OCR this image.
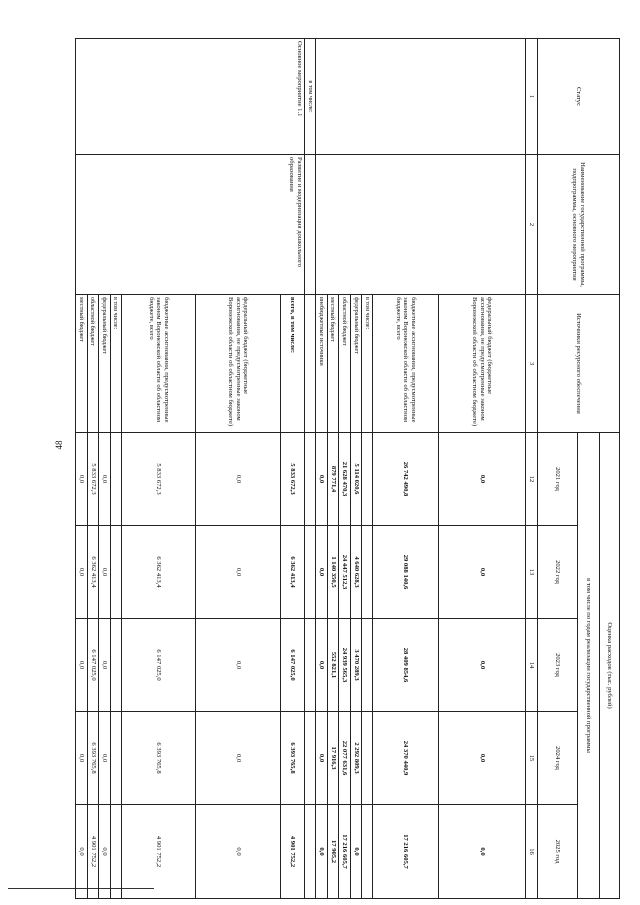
48
Статус	Наименование государственной программы, подпрограммы, основного мероприятия	Источники ресурсного обеспечения	Оценка расходов (тыс. рублей)				
			в том числе по годам реализации государственной программы				
			2021 год	2022 год	2023 год	2024 год	2025 год
1	2	3	12	13	14	15	16
		федеральный бюджет (бюджетные ассигнования, не предусмотренные законом Воронежской области об областном бюджете)	0,0	0,0	0,0	0,0	0,0
		бюджетные ассигнования, предусмотренные законом Воронежской области об областном бюджете, всего	26 742 490,8	29 088 140,6	28 409 854,6	24 370 440,9	17 216 605,7
		в том числе:					
		федеральный бюджет	5 114 020,6	4 640 628,3	3 470 289,3	2 292 809,3	0,0
		областной бюджет	21 628 470,3	24 447 512,3	24 939 565,3	22 077 631,6	17 216 605,7
		местный бюджет	879 771,4	1 140 350,5	552 821,1	17 916,3	17 905,2
		внебюджетные источники	0,0	0,0	0,0	0,0	0,0
в том числе:							
Основное мероприятие 1.1	Развитие и модернизация дошкольного образования	всего, в том числе:	5 833 672,3	6 362 413,4	6 147 025,0	6 393 765,8	4 901 752,2
		федеральный бюджет (бюджетные ассигнования, не предусмотренные законом Воронежской области об областном бюджете)	0,0	0,0	0,0	0,0	0,0
		бюджетные ассигнования, предусмотренные законом Воронежской области об областном бюджете, всего	5 833 672,3	6 362 413,4	6 147 025,0	6 393 765,8	4 901 752,2
		в том числе:					
		федеральный бюджет	0,0	0,0	0,0	0,0	0,0
		областной бюджет	5 833 672,3	6 362 413,4	6 147 025,0	6 393 765,8	4 901 752,2
		местный бюджет	0,0	0,0	0,0	0,0	0,0
